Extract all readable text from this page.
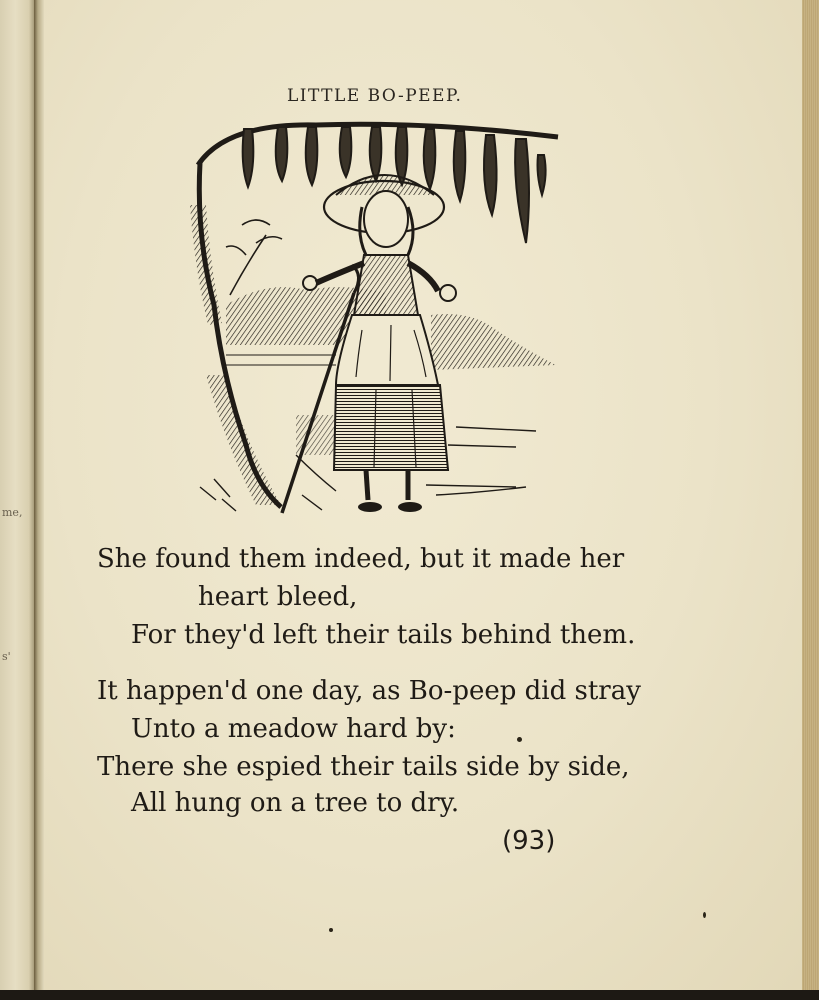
me,
s'
LITTLE BO-PEEP.
She found them indeed, but it made her
heart bleed,
For they'd left their tails behind them.
It happen'd one day, as Bo-peep did stray
Unto a meadow hard by:
There she espied their tails side by side,
All hung on a tree to dry.
(93)
